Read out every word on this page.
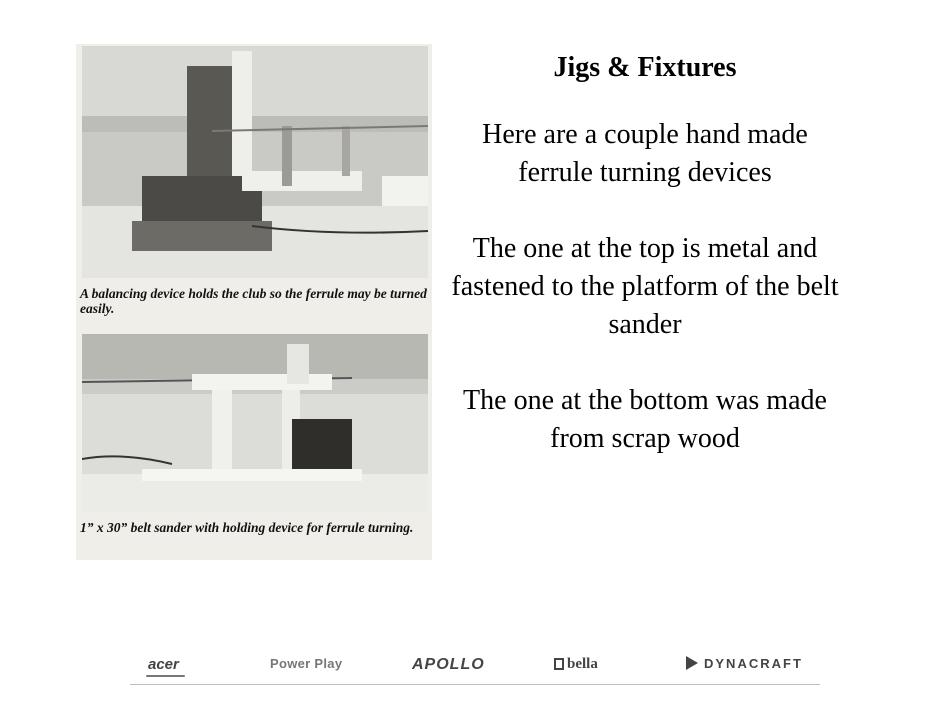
A balancing device holds the club so the ferrule may be turned easily.
1” x 30” belt sander with holding device for ferrule turning.
Jigs & Fixtures
Here are a couple hand made ferrule turning devices
The one at the top is metal and fastened to the platform of the belt sander
The one at the bottom was made from scrap wood
acer	Power Play	APOLLO	bella	DYNACRAFT
